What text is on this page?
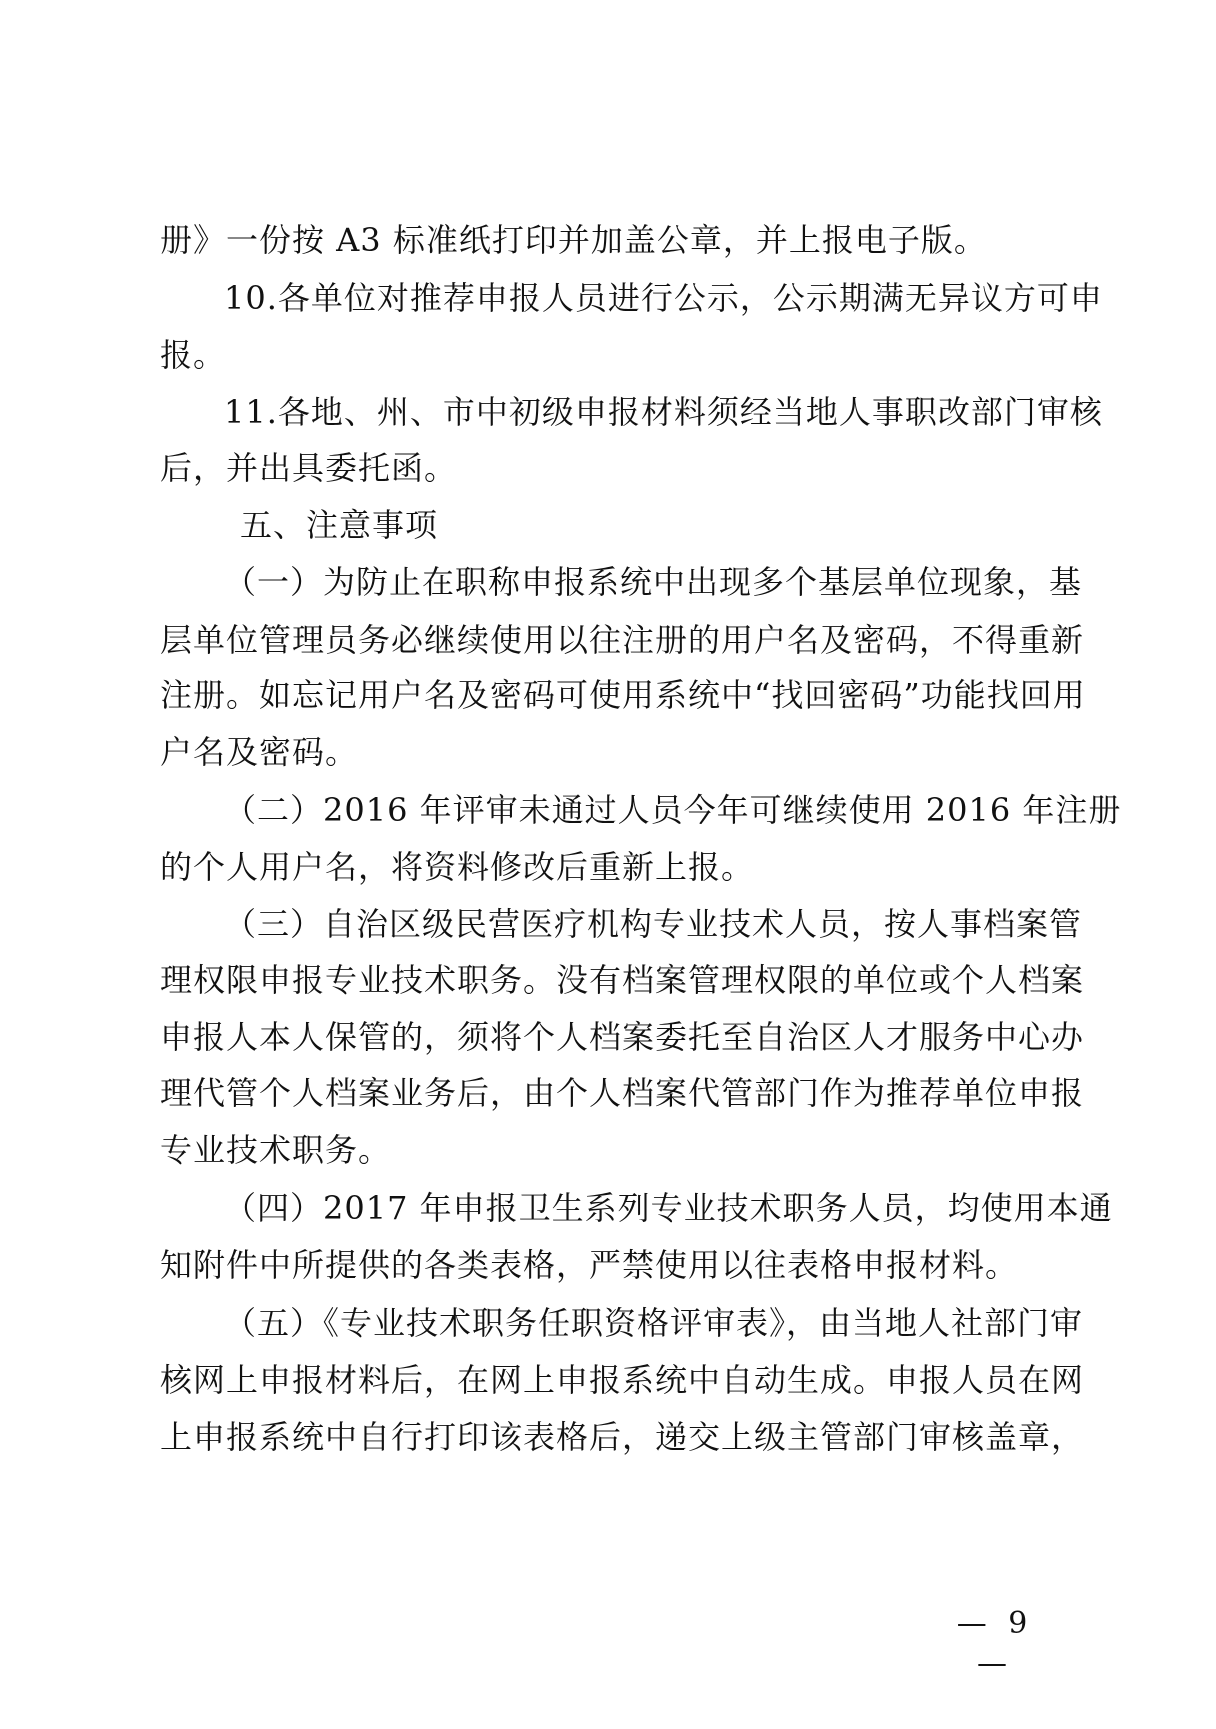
册》一份按 A3 标准纸打印并加盖公章，并上报电子版。
10.各单位对推荐申报人员进行公示，公示期满无异议方可申
报。
11.各地、州、市中初级申报材料须经当地人事职改部门审核
后，并出具委托函。
五、注意事项
（一）为防止在职称申报系统中出现多个基层单位现象，基
层单位管理员务必继续使用以往注册的用户名及密码，不得重新
注册。如忘记用户名及密码可使用系统中“找回密码”功能找回用
户名及密码。
（二）2016 年评审未通过人员今年可继续使用 2016 年注册
的个人用户名，将资料修改后重新上报。
（三）自治区级民营医疗机构专业技术人员，按人事档案管
理权限申报专业技术职务。没有档案管理权限的单位或个人档案
申报人本人保管的，须将个人档案委托至自治区人才服务中心办
理代管个人档案业务后，由个人档案代管部门作为推荐单位申报
专业技术职务。
（四）2017 年申报卫生系列专业技术职务人员，均使用本通
知附件中所提供的各类表格，严禁使用以往表格申报材料。
（五）《专业技术职务任职资格评审表》，由当地人社部门审
核网上申报材料后，在网上申报系统中自动生成。申报人员在网
上申报系统中自行打印该表格后，递交上级主管部门审核盖章，
— 9 —
